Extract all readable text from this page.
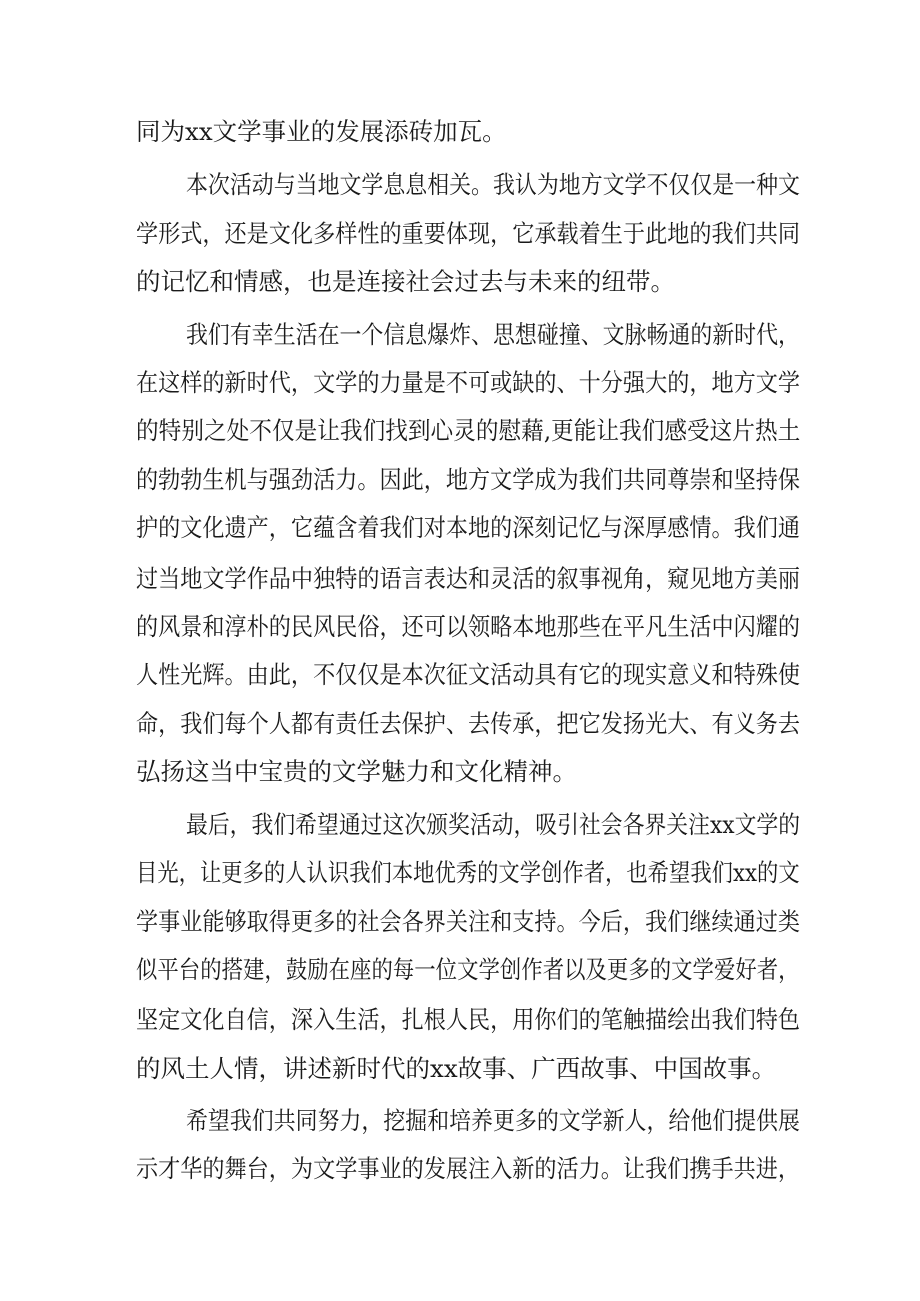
同为xx文学事业的发展添砖加瓦。

本次活动与当地文学息息相关。我认为地方文学不仅仅是一种文

学形式，还是文化多样性的重要体现，它承载着生于此地的我们共同

的记忆和情感，也是连接社会过去与未来的纽带。

我们有幸生活在一个信息爆炸、思想碰撞、文脉畅通的新时代，

在这样的新时代，文学的力量是不可或缺的、十分强大的，地方文学

的特别之处不仅是让我们找到心灵的慰藉,更能让我们感受这片热土

的勃勃生机与强劲活力。因此，地方文学成为我们共同尊崇和坚持保

护的文化遗产，它蕴含着我们对本地的深刻记忆与深厚感情。我们通

过当地文学作品中独特的语言表达和灵活的叙事视角，窥见地方美丽

的风景和淳朴的民风民俗，还可以领略本地那些在平凡生活中闪耀的

人性光辉。由此，不仅仅是本次征文活动具有它的现实意义和特殊使

命，我们每个人都有责任去保护、去传承，把它发扬光大、有义务去

弘扬这当中宝贵的文学魅力和文化精神。

最后，我们希望通过这次颁奖活动，吸引社会各界关注xx文学的

目光，让更多的人认识我们本地优秀的文学创作者，也希望我们xx的文

学事业能够取得更多的社会各界关注和支持。今后，我们继续通过类

似平台的搭建，鼓励在座的每一位文学创作者以及更多的文学爱好者，

坚定文化自信，深入生活，扎根人民，用你们的笔触描绘出我们特色

的风土人情，讲述新时代的xx故事、广西故事、中国故事。

希望我们共同努力，挖掘和培养更多的文学新人，给他们提供展

示才华的舞台，为文学事业的发展注入新的活力。让我们携手共进，
